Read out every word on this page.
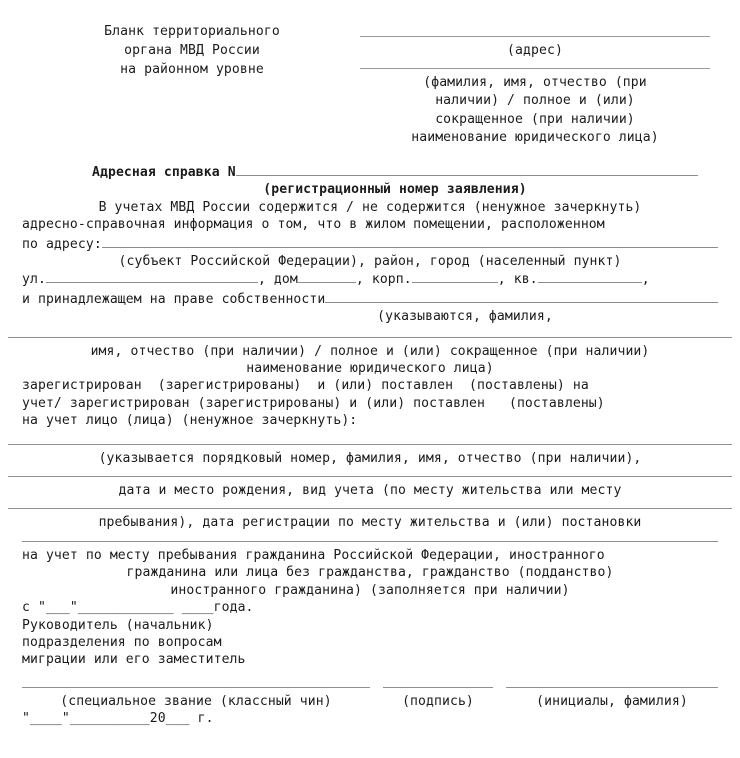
Бланк территориального
органа МВД России
на районном уровне
(адрес)
(фамилия, имя, отчество (при
наличии) / полное и (или)
сокращенное (при наличии)
наименование юридического лица)
Адресная справка N
(регистрационный номер заявления)
В учетах МВД России содержится / не содержится (ненужное зачеркнуть)
адресно-справочная информация о том, что в жилом помещении, расположенном
по адресу:
(субъект Российской Федерации), район, город (населенный пункт)
ул.	, дом	, корп.	, кв.	,
и принадлежащем на праве собственности
(указываются, фамилия,
имя, отчество (при наличии) / полное и (или) сокращенное (при наличии)
наименование юридического лица)
зарегистрирован  (зарегистрированы)  и (или) поставлен  (поставлены) на
учет/ зарегистрирован (зарегистрированы) и (или) поставлен   (поставлены)
на учет лицо (лица) (ненужное зачеркнуть):
(указывается порядковый номер, фамилия, имя, отчество (при наличии),
дата и место рождения, вид учета (по месту жительства или месту
пребывания), дата регистрации по месту жительства и (или) постановки
на учет по месту пребывания гражданина Российской Федерации, иностранного
гражданина или лица без гражданства, гражданство (подданство)
иностранного гражданина) (заполняется при наличии)
с "___"____________ ____года.
Руководитель (начальник)
подразделения по вопросам
миграции или его заместитель
(специальное звание (классный чин)	(подпись)	(инициалы, фамилия)
"____"__________20___ г.
